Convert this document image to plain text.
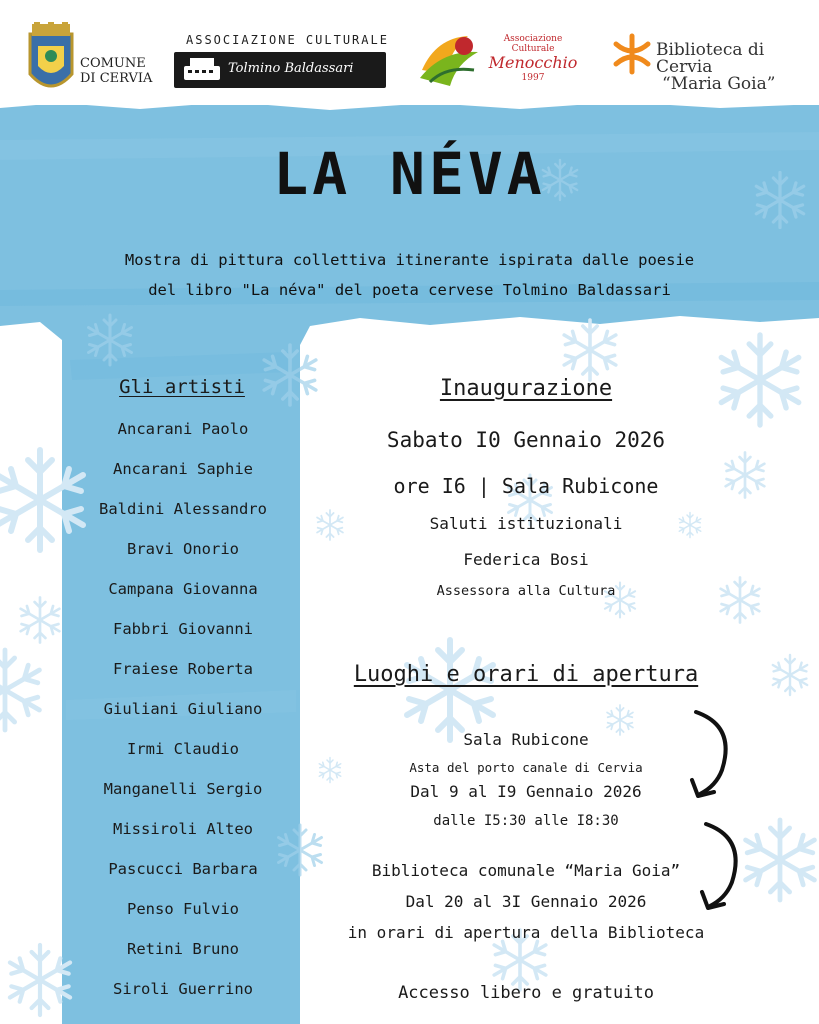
COMUNE
DI CERVIA
ASSOCIAZIONE CULTURALE
Tolmino Baldassari
Associazione
Culturale
Menocchio
1997
Biblioteca di Cervia
“Maria Goia”
LA NÉVA
Mostra di pittura collettiva itinerante ispirata dalle poesie
del libro "La néva" del poeta cervese Tolmino Baldassari
Gli artisti
Ancarani Paolo
Ancarani Saphie
Baldini Alessandro
Bravi Onorio
Campana Giovanna
Fabbri Giovanni
Fraiese Roberta
Giuliani Giuliano
Irmi Claudio
Manganelli Sergio
Missiroli Alteo
Pascucci Barbara
Penso Fulvio
Retini Bruno
Siroli Guerrino
Inaugurazione
Sabato I0 Gennaio 2026
ore I6 | Sala Rubicone
Saluti istituzionali
Federica Bosi
Assessora alla Cultura
Luoghi e orari di apertura
Sala Rubicone
Asta del porto canale di Cervia
Dal 9 al I9 Gennaio 2026
dalle I5:30 alle I8:30
Biblioteca comunale “Maria Goia”
Dal 20 al 3I Gennaio 2026
in orari di apertura della Biblioteca
Accesso libero e gratuito
